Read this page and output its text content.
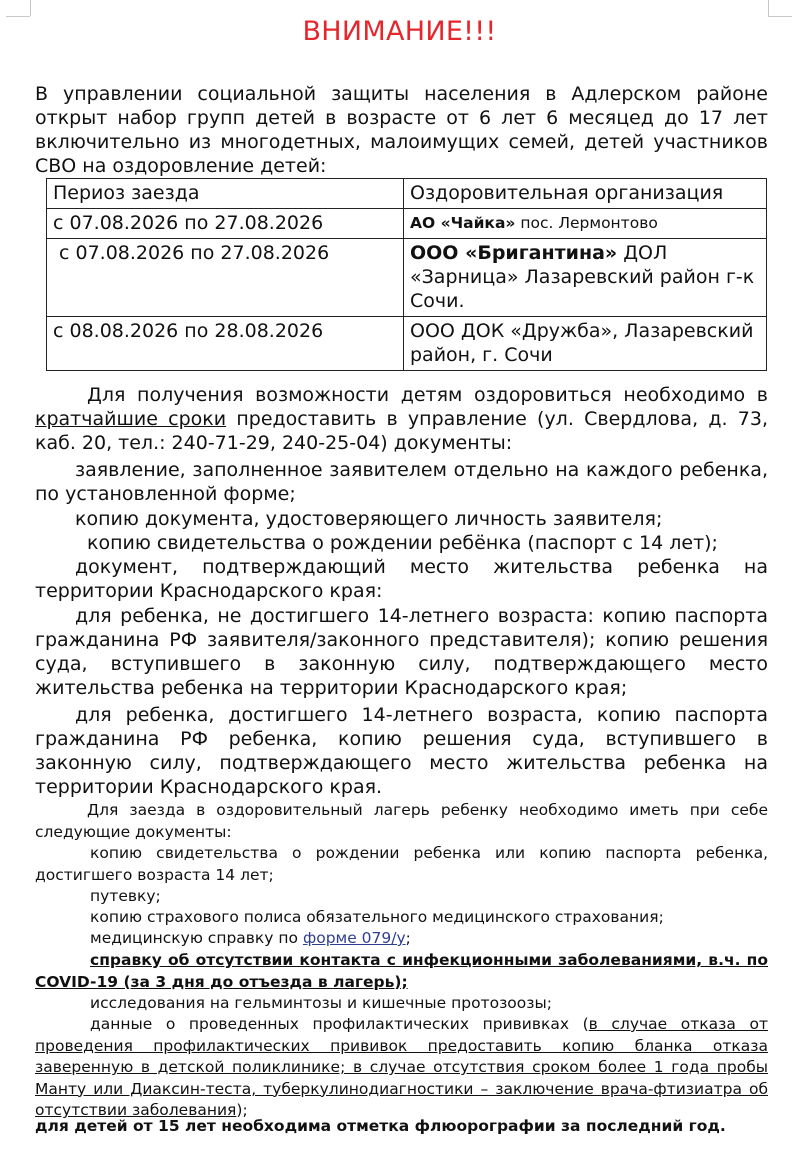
ВНИМАНИЕ!!!

В управлении социальной защиты населения в Адлерском районе открыт набор групп детей в возрасте от 6 лет 6 месяцед до 17 лет включительно из многодетных, малоимущих семей, детей участников СВО на оздоровление детей:

Периоз заезда	Оздоровительная организация
с 07.08.2026 по 27.08.2026	АО «Чайка» пос. Лермонтово
с 07.08.2026 по 27.08.2026	ООО «Бригантина» ДОЛ «Зарница» Лазаревский район г-к Сочи.
с 08.08.2026 по 28.08.2026	ООО ДОК «Дружба», Лазаревский район, г. Сочи

Для получения возможности детям оздоровиться необходимо в кратчайшие сроки предоставить в управление (ул. Свердлова, д. 73, каб. 20, тел.: 240-71-29, 240-25-04) документы:

заявление, заполненное заявителем отдельно на каждого ребенка, по установленной форме;

копию документа, удостоверяющего личность заявителя;

копию свидетельства о рождении ребёнка (паспорт с 14 лет);

документ, подтверждающий место жительства ребенка на территории Краснодарского края:

для ребенка, не достигшего 14-летнего возраста: копию паспорта гражданина РФ заявителя/законного представителя); копию решения суда, вступившего в законную силу, подтверждающего место жительства ребенка на территории Краснодарского края;

для ребенка, достигшего 14-летнего возраста, копию паспорта гражданина РФ ребенка, копию решения суда, вступившего в законную силу, подтверждающего место жительства ребенка на территории Краснодарского края.

Для заезда в оздоровительный лагерь ребенку необходимо иметь при себе следующие документы:

копию свидетельства о рождении ребенка или копию паспорта ребенка, достигшего возраста 14 лет;

путевку;

копию страхового полиса обязательного медицинского страхования;

медицинскую справку по форме 079/у;

справку об отсутствии контакта с инфекционными заболеваниями, в.ч. по COVID-19 (за 3 дня до отъезда в лагерь);

исследования на гельминтозы и кишечные протозоозы;

данные о проведенных профилактических прививках (в случае отказа от проведения профилактических прививок предоставить копию бланка отказа заверенную в детской поликлинике; в случае отсутствия сроком более 1 года пробы Манту или Диаксин-теста, туберкулинодиагностики – заключение врача-фтизиатра об отсутствии заболевания);

для детей от 15 лет необходима отметка флюорографии за последний год.
